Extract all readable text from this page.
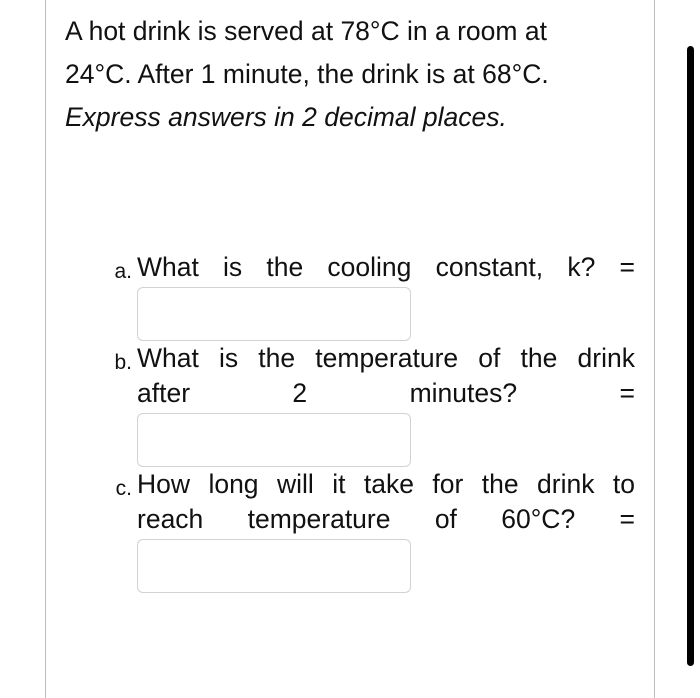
A hot drink is served at 78°C in a room at
24°C. After 1 minute, the drink is at 68°C.
Express answers in 2 decimal places.
a. What is the cooling constant, k? =
b. What is the temperature of the drink
after	2	minutes?	=
c. How long will it take for the drink to
reach temperature of 60°C? =
